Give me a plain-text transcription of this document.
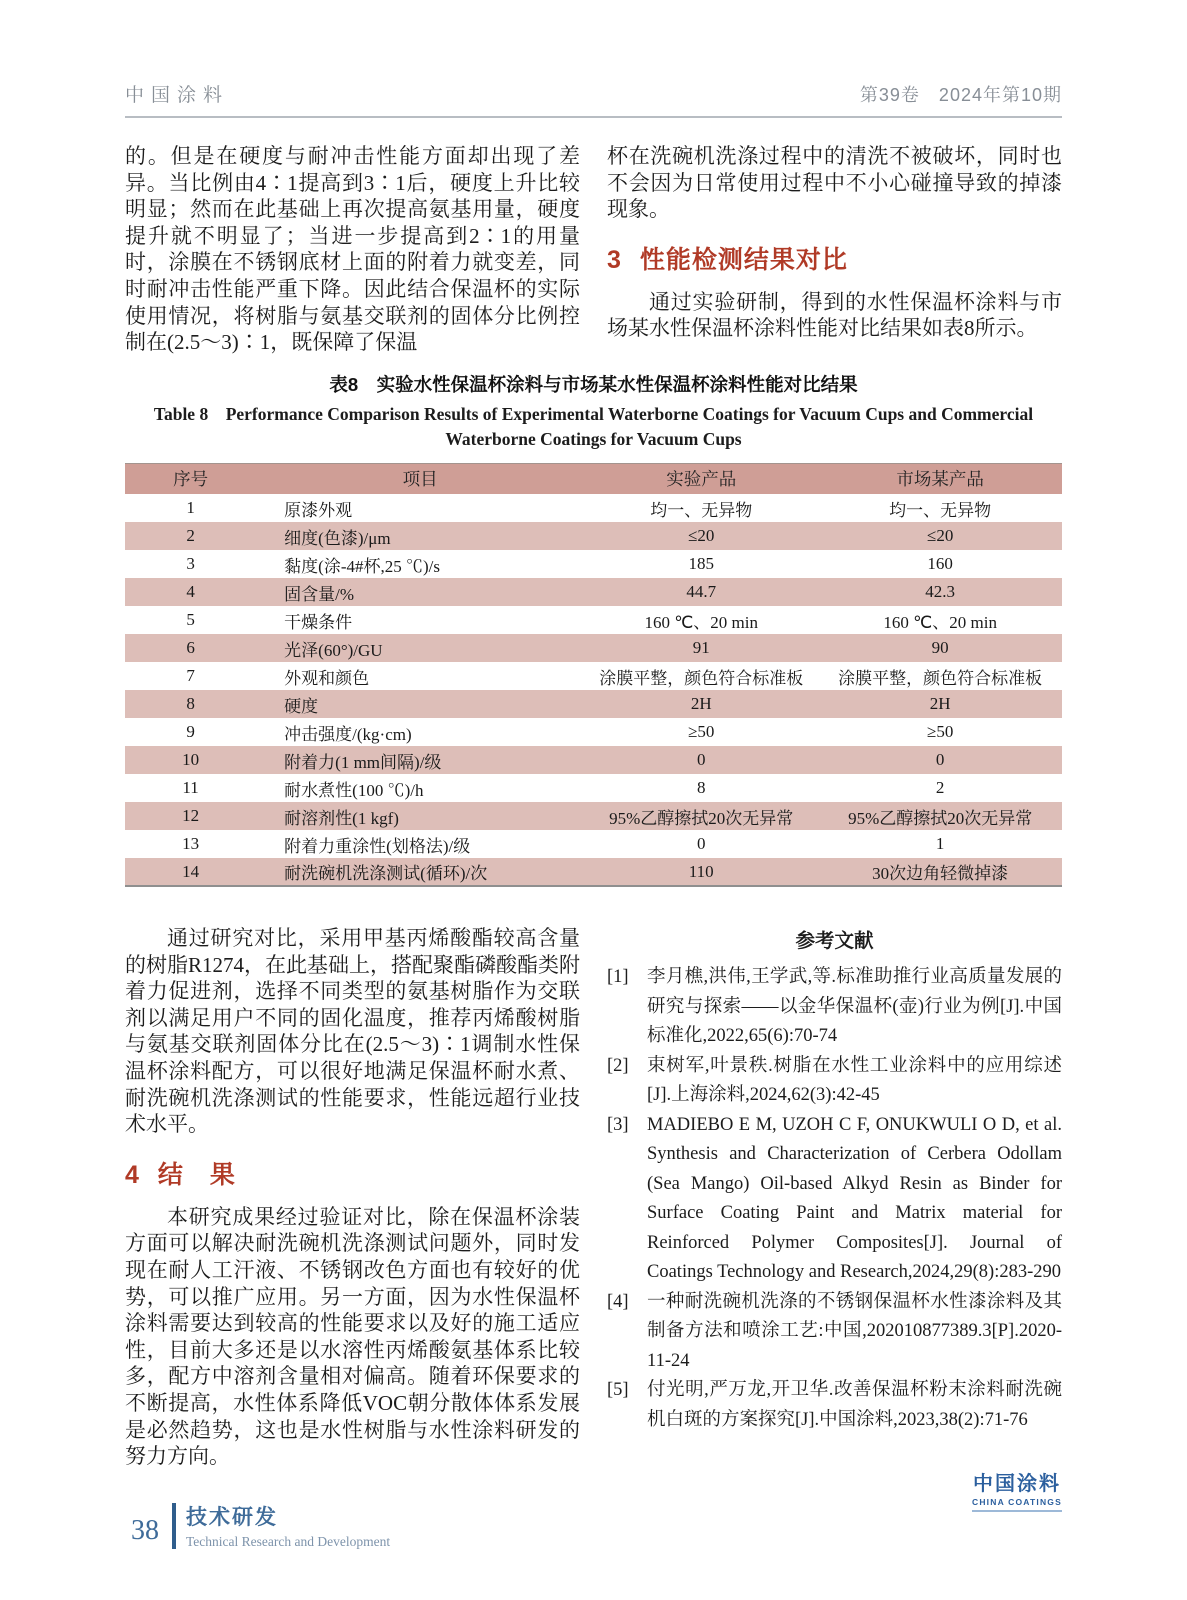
中国涂料	第39卷　2024年第10期

的。但是在硬度与耐冲击性能方面却出现了差异。当比例由4∶1提高到3∶1后，硬度上升比较明显；然而在此基础上再次提高氨基用量，硬度提升就不明显了；当进一步提高到2∶1的用量时，涂膜在不锈钢底材上面的附着力就变差，同时耐冲击性能严重下降。因此结合保温杯的实际使用情况，将树脂与氨基交联剂的固体分比例控制在(2.5～3)∶1，既保障了保温

杯在洗碗机洗涤过程中的清洗不被破坏，同时也不会因为日常使用过程中不小心碰撞导致的掉漆现象。

3 性能检测结果对比

通过实验研制，得到的水性保温杯涂料与市场某水性保温杯涂料性能对比结果如表8所示。

表8　实验水性保温杯涂料与市场某水性保温杯涂料性能对比结果
Table 8　Performance Comparison Results of Experimental Waterborne Coatings for Vacuum Cups and Commercial
Waterborne Coatings for Vacuum Cups
序号	项目	实验产品	市场某产品
1	原漆外观	均一、无异物	均一、无异物
2	细度(色漆)/μm	≤20	≤20
3	黏度(涂-4#杯,25 ℃)/s	185	160
4	固含量/%	44.7	42.3
5	干燥条件	160 ℃、20 min	160 ℃、20 min
6	光泽(60°)/GU	91	90
7	外观和颜色	涂膜平整，颜色符合标准板	涂膜平整，颜色符合标准板
8	硬度	2H	2H
9	冲击强度/(kg·cm)	≥50	≥50
10	附着力(1 mm间隔)/级	0	0
11	耐水煮性(100 ℃)/h	8	2
12	耐溶剂性(1 kgf)	95%乙醇擦拭20次无异常	95%乙醇擦拭20次无异常
13	附着力重涂性(划格法)/级	0	1
14	耐洗碗机洗涤测试(循环)/次	110	30次边角轻微掉漆

通过研究对比，采用甲基丙烯酸酯较高含量的树脂R1274，在此基础上，搭配聚酯磷酸酯类附着力促进剂，选择不同类型的氨基树脂作为交联剂以满足用户不同的固化温度，推荐丙烯酸树脂与氨基交联剂固体分比在(2.5～3)∶1调制水性保温杯涂料配方，可以很好地满足保温杯耐水煮、耐洗碗机洗涤测试的性能要求，性能远超行业技术水平。

4 结　果

本研究成果经过验证对比，除在保温杯涂装方面可以解决耐洗碗机洗涤测试问题外，同时发现在耐人工汗液、不锈钢改色方面也有较好的优势，可以推广应用。另一方面，因为水性保温杯涂料需要达到较高的性能要求以及好的施工适应性，目前大多还是以水溶性丙烯酸氨基体系比较多，配方中溶剂含量相对偏高。随着环保要求的不断提高，水性体系降低VOC朝分散体体系发展是必然趋势，这也是水性树脂与水性涂料研发的努力方向。

参考文献
[1] 李月樵,洪伟,王学武,等.标准助推行业高质量发展的研究与探索——以金华保温杯(壶)行业为例[J].中国标准化,2022,65(6):70-74
[2] 束树军,叶景秩.树脂在水性工业涂料中的应用综述[J].上海涂料,2024,62(3):42-45
[3] MADIEBO E M, UZOH C F, ONUKWULI O D, et al. Synthesis and Characterization of Cerbera Odollam (Sea Mango) Oil-based Alkyd Resin as Binder for Surface Coating Paint and Matrix material for Reinforced Polymer Composites[J]. Journal of Coatings Technology and Research,2024,29(8):283-290
[4] 一种耐洗碗机洗涤的不锈钢保温杯水性漆涂料及其制备方法和喷涂工艺:中国,202010877389.3[P].2020-11-24
[5] 付光明,严万龙,开卫华.改善保温杯粉末涂料耐洗碗机白斑的方案探究[J].中国涂料,2023,38(2):71-76
中国涂料
CHINA COATINGS
38 技术研发
Technical Research and Development
